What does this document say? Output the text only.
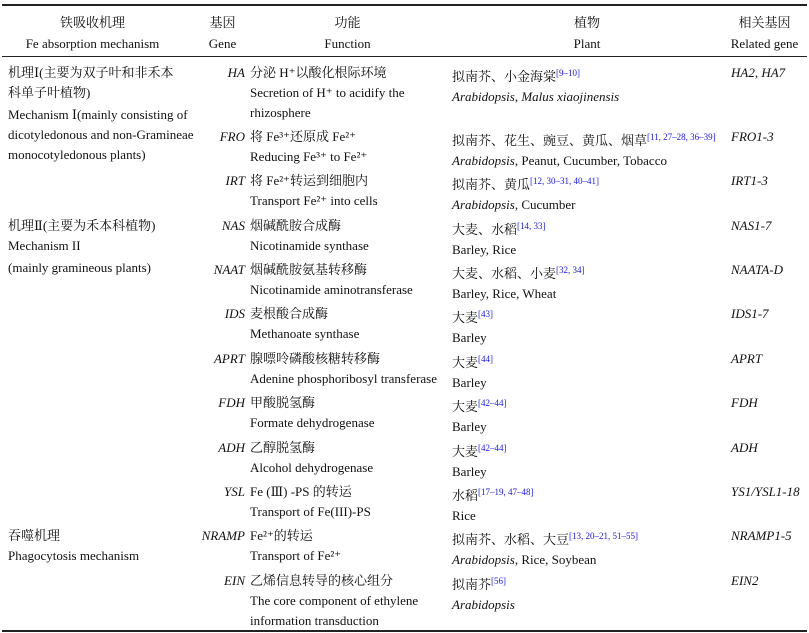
铁吸收机理
Fe absorption mechanism
基因
Gene
功能
Function
植物
Plant
相关基因
Related gene
机理Ⅰ(主要为双子叶和非禾本
科单子叶植物)
Mechanism Ⅰ(mainly consisting of
dicotyledonous and non-Gramineae
monocotyledonous plants)
机理Ⅱ(主要为禾本科植物)
Mechanism II
(mainly gramineous plants)
吞噬机理
Phagocytosis mechanism
HA 分泌 H⁺以酸化根际环境
Secretion of H⁺ to acidify the
rhizosphere
拟南芥、小金海棠[9–10]
Arabidopsis, Malus xiaojinensis
HA2, HA7
FRO 将 Fe³⁺还原成 Fe²⁺
Reducing Fe³⁺ to Fe²⁺
拟南芥、花生、豌豆、黄瓜、烟草[11, 27–28, 36–39]
Arabidopsis, Peanut, Cucumber, Tobacco
FRO1-3
IRT 将 Fe²⁺转运到细胞内
Transport Fe²⁺ into cells
拟南芥、黄瓜[12, 30–31, 40–41]
Arabidopsis, Cucumber
IRT1-3
NAS 烟碱酰胺合成酶
Nicotinamide synthase
大麦、水稻[14, 33]
Barley, Rice
NAS1-7
NAAT 烟碱酰胺氨基转移酶
Nicotinamide aminotransferase
大麦、水稻、小麦[32, 34]
Barley, Rice, Wheat
NAATA-D
IDS 麦根酸合成酶
Methanoate synthase
大麦[43]
Barley
IDS1-7
APRT 腺嘌呤磷酸核糖转移酶
Adenine phosphoribosyl transferase
大麦[44]
Barley
APRT
FDH 甲酸脱氢酶
Formate dehydrogenase
大麦[42–44]
Barley
FDH
ADH 乙醇脱氢酶
Alcohol dehydrogenase
大麦[42–44]
Barley
ADH
YSL Fe (Ⅲ) -PS 的转运
Transport of Fe(III)-PS
水稻[17–19, 47–48]
Rice
YS1/YSL1-18
NRAMP Fe²⁺的转运
Transport of Fe²⁺
拟南芥、水稻、大豆[13, 20–21, 51–55]
Arabidopsis, Rice, Soybean
NRAMP1-5
EIN 乙烯信息转导的核心组分
The core component of ethylene
information transduction
拟南芥[56]
Arabidopsis
EIN2
